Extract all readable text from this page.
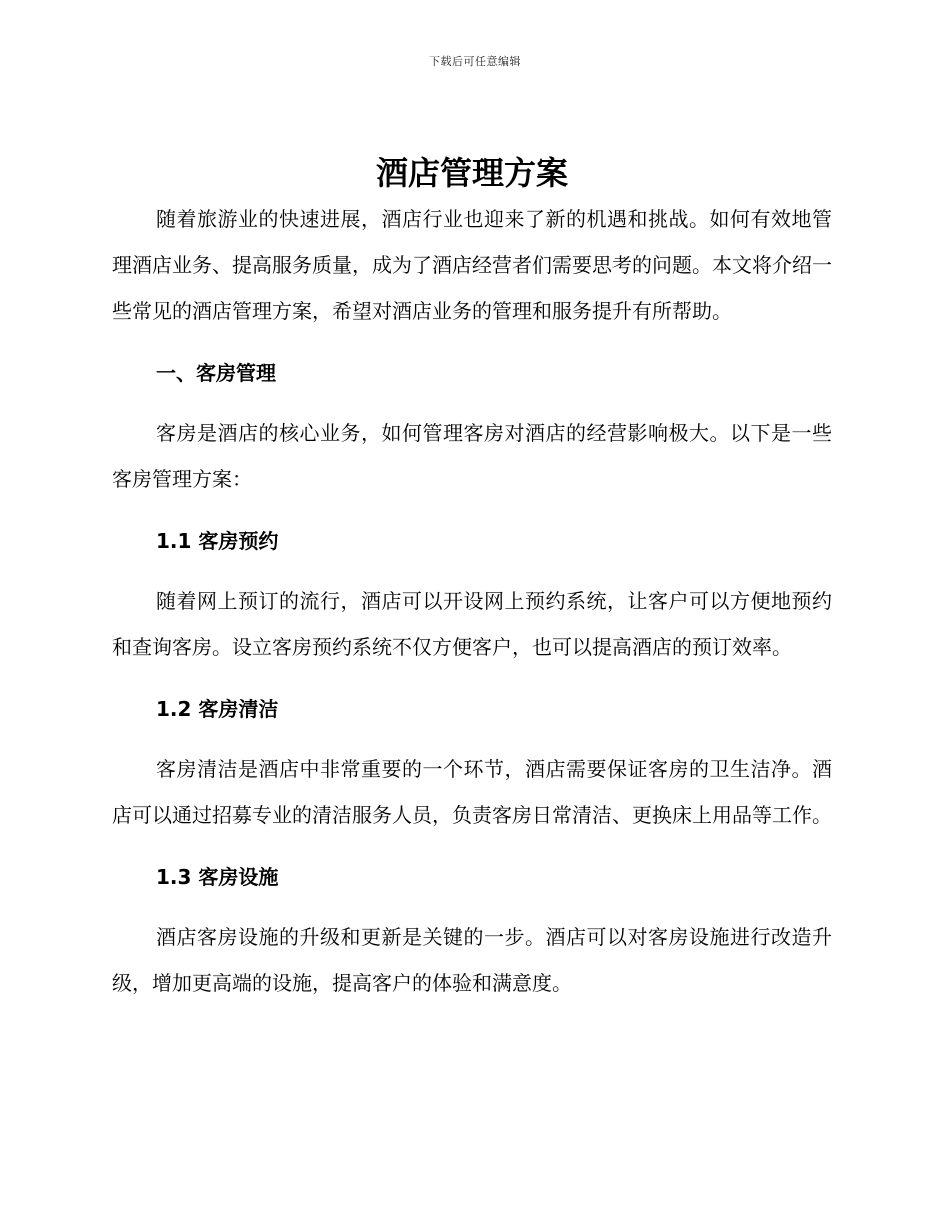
下载后可任意编辑
酒店管理方案

随着旅游业的快速进展，酒店行业也迎来了新的机遇和挑战。如何有效地管理酒店业务、提高服务质量，成为了酒店经营者们需要思考的问题。本文将介绍一些常见的酒店管理方案，希望对酒店业务的管理和服务提升有所帮助。

一、客房管理

客房是酒店的核心业务，如何管理客房对酒店的经营影响极大。以下是一些客房管理方案：

1.1 客房预约

随着网上预订的流行，酒店可以开设网上预约系统，让客户可以方便地预约和查询客房。设立客房预约系统不仅方便客户，也可以提高酒店的预订效率。

1.2 客房清洁

客房清洁是酒店中非常重要的一个环节，酒店需要保证客房的卫生洁净。酒店可以通过招募专业的清洁服务人员，负责客房日常清洁、更换床上用品等工作。

1.3 客房设施

酒店客房设施的升级和更新是关键的一步。酒店可以对客房设施进行改造升级，增加更高端的设施，提高客户的体验和满意度。
